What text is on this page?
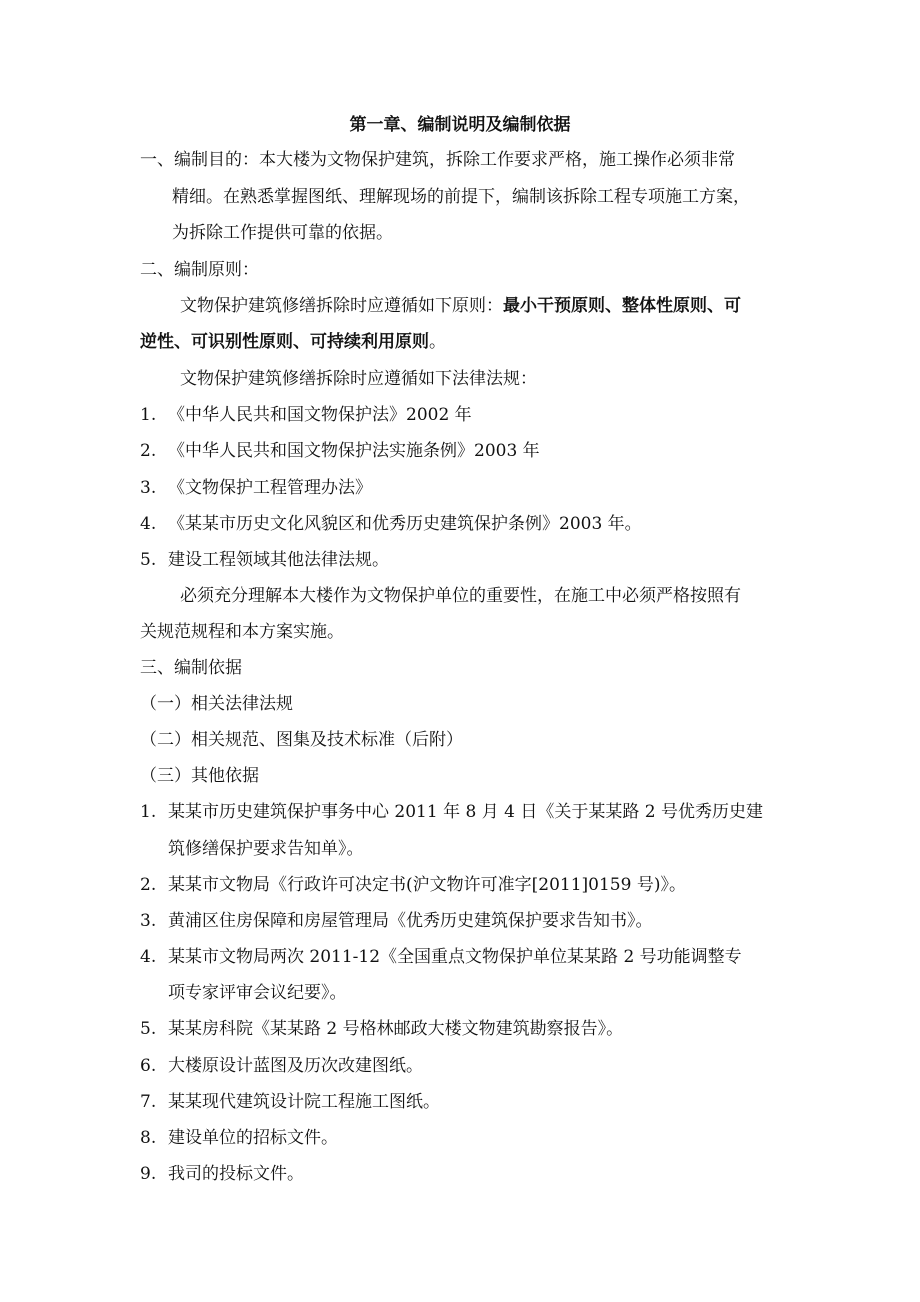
第一章、编制说明及编制依据
一、编制目的：本大楼为文物保护建筑，拆除工作要求严格，施工操作必须非常
精细。在熟悉掌握图纸、理解现场的前提下，编制该拆除工程专项施工方案，
为拆除工作提供可靠的依据。
二、编制原则：
文物保护建筑修缮拆除时应遵循如下原则：最小干预原则、整体性原则、可
逆性、可识别性原则、可持续利用原则。
文物保护建筑修缮拆除时应遵循如下法律法规：
1. 《中华人民共和国文物保护法》2002 年
2. 《中华人民共和国文物保护法实施条例》2003 年
3. 《文物保护工程管理办法》
4. 《某某市历史文化风貌区和优秀历史建筑保护条例》2003 年。
5. 建设工程领域其他法律法规。
必须充分理解本大楼作为文物保护单位的重要性，在施工中必须严格按照有
关规范规程和本方案实施。
三、编制依据
（一）相关法律法规
（二）相关规范、图集及技术标准（后附）
（三）其他依据
1. 某某市历史建筑保护事务中心 2011 年 8 月 4 日《关于某某路 2 号优秀历史建
筑修缮保护要求告知单》。
2. 某某市文物局《行政许可决定书(沪文物许可准字[2011]0159 号)》。
3. 黄浦区住房保障和房屋管理局《优秀历史建筑保护要求告知书》。
4. 某某市文物局两次 2011-12《全国重点文物保护单位某某路 2 号功能调整专
项专家评审会议纪要》。
5. 某某房科院《某某路 2 号格林邮政大楼文物建筑勘察报告》。
6. 大楼原设计蓝图及历次改建图纸。
7. 某某现代建筑设计院工程施工图纸。
8. 建设单位的招标文件。
9. 我司的投标文件。
